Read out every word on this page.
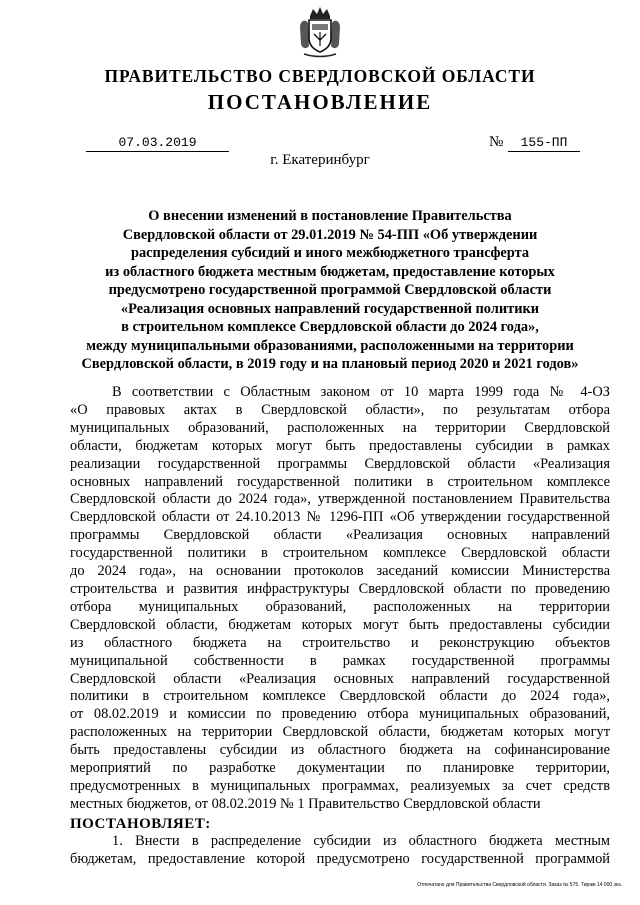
ПРАВИТЕЛЬСТВО СВЕРДЛОВСКОЙ ОБЛАСТИ
ПОСТАНОВЛЕНИЕ
07.03.2019	№	155-ПП
г. Екатеринбург
О внесении изменений в постановление Правительства
Свердловской области от 29.01.2019 № 54-ПП «Об утверждении
распределения субсидий и иного межбюджетного трансферта
из областного бюджета местным бюджетам, предоставление которых
предусмотрено государственной программой Свердловской области
«Реализация основных направлений государственной политики
в строительном комплексе Свердловской области до 2024 года»,
между муниципальными образованиями, расположенными на территории
Свердловской области, в 2019 году и на плановый период 2020 и 2021 годов»
В соответствии с Областным законом от 10 марта 1999 года № 4-ОЗ
«О правовых актах в Свердловской области», по результатам отбора
муниципальных образований, расположенных на территории Свердловской
области, бюджетам которых могут быть предоставлены субсидии в рамках
реализации государственной программы Свердловской области «Реализация
основных направлений государственной политики в строительном комплексе
Свердловской области до 2024 года», утвержденной постановлением Правительства
Свердловской области от 24.10.2013 № 1296-ПП «Об утверждении государственной
программы Свердловской области «Реализация основных направлений
государственной политики в строительном комплексе Свердловской области
до 2024 года», на основании протоколов заседаний комиссии Министерства
строительства и развития инфраструктуры Свердловской области по проведению
отбора муниципальных образований, расположенных на территории
Свердловской области, бюджетам которых могут быть предоставлены субсидии
из областного бюджета на строительство и реконструкцию объектов
муниципальной собственности в рамках государственной программы
Свердловской области «Реализация основных направлений государственной
политики в строительном комплексе Свердловской области до 2024 года»,
от 08.02.2019 и комиссии по проведению отбора муниципальных образований,
расположенных на территории Свердловской области, бюджетам которых могут
быть предоставлены субсидии из областного бюджета на софинансирование
мероприятий по разработке документации по планировке территории,
предусмотренных в муниципальных программах, реализуемых за счет средств
местных бюджетов, от 08.02.2019 № 1 Правительство Свердловской области
ПОСТАНОВЛЯЕТ:
1. Внести в распределение субсидии из областного бюджета местным
бюджетам, предоставление которой предусмотрено государственной программой
Отпечатано для Правительства Свердловской области. Заказ № 575. Тираж 14 000 экз.
